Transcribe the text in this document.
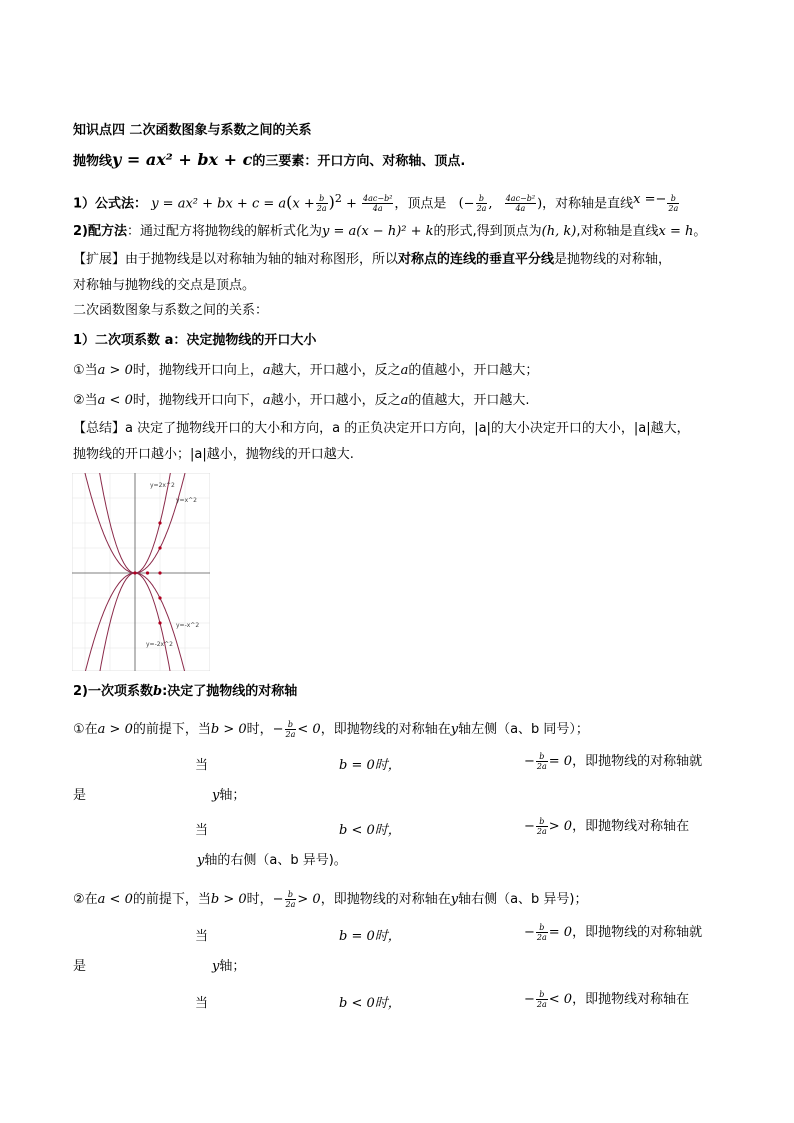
知识点四 二次函数图象与系数之间的关系
抛物线y = ax² + bx + c的三要素：开口方向、对称轴、顶点.
1）公式法： y = ax² + bx + $c = a(x + \frac{b}{2a} )^2 + \frac{\text{4ac−b²}}{4a}$ ，顶点是 (− $\frac{b}{2a}$ , $\frac{\text{4ac−b²}}{4a}$ )，对称轴是直线$x =- \frac{b}{2a}$
2)配方法：通过配方将抛物线的解析式化为y = a(x − h)² + k的形式,得到顶点为(h, k),对称轴是直线x = h。
【扩展】由于抛物线是以对称轴为轴的轴对称图形，所以对称点的连线的垂直平分线是抛物线的对称轴，
对称轴与抛物线的交点是顶点。
二次函数图象与系数之间的关系：
1）二次项系数 a：决定抛物线的开口大小
①当a > 0时，抛物线开口向上，a越大，开口越小，反之a的值越小，开口越大；
②当a < 0时，抛物线开口向下，a越小，开口越小，反之a的值越大，开口越大.
【总结】a 决定了抛物线开口的大小和方向，a 的正负决定开口方向，|a|的大小决定开口的大小，|a|越大，
抛物线的开口越小；|a|越小，抛物线的开口越大.
y=2x^2
y=x^2
y=-x^2
y=-2x^2
2)一次项系数b:决定了抛物线的对称轴
①在a > 0的前提下，当b > 0时，− $\frac{b}{2a} < 0$，即抛物线的对称轴在y轴左侧（a、b 同号）；
当	b = 0时，	− $\frac{b}{2a} = 0$，即抛物线的对称轴就
是	y轴；
当	b < 0时，	− $\frac{b}{2a} > 0$，即抛物线对称轴在
y轴的右侧（a、b 异号)。
②在a < 0的前提下，当b > 0时，− $\frac{b}{2a} > 0$，即抛物线的对称轴在y轴右侧（a、b 异号)；
当	b = 0时，	− $\frac{b}{2a} = 0$，即抛物线的对称轴就
是	y轴；
当	b < 0时，	− $\frac{b}{2a} < 0$，即抛物线对称轴在
